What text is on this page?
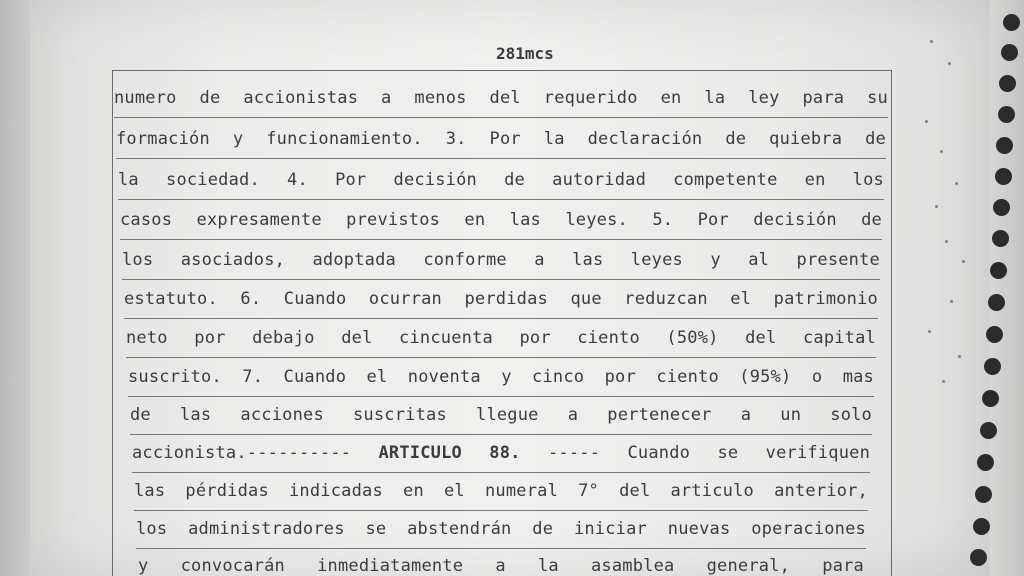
281mcs
numero de accionistas a menos del requerido en la ley para su
formación y funcionamiento. 3. Por la declaración de quiebra de
la sociedad. 4. Por decisión de autoridad competente en los
casos expresamente previstos en las leyes. 5. Por decisión de
los asociados, adoptada conforme a las leyes y al presente
estatuto. 6. Cuando ocurran perdidas que reduzcan el patrimonio
neto por debajo del cincuenta por ciento (50%) del capital
suscrito. 7. Cuando el noventa y cinco por ciento (95%) o mas
de las acciones suscritas llegue a pertenecer a un solo
accionista.---------- ARTICULO 88. ----- Cuando se verifiquen
las pérdidas indicadas en el numeral 7° del articulo anterior,
los administradores se abstendrán de iniciar nuevas operaciones
y convocarán inmediatamente a la asamblea general, para
